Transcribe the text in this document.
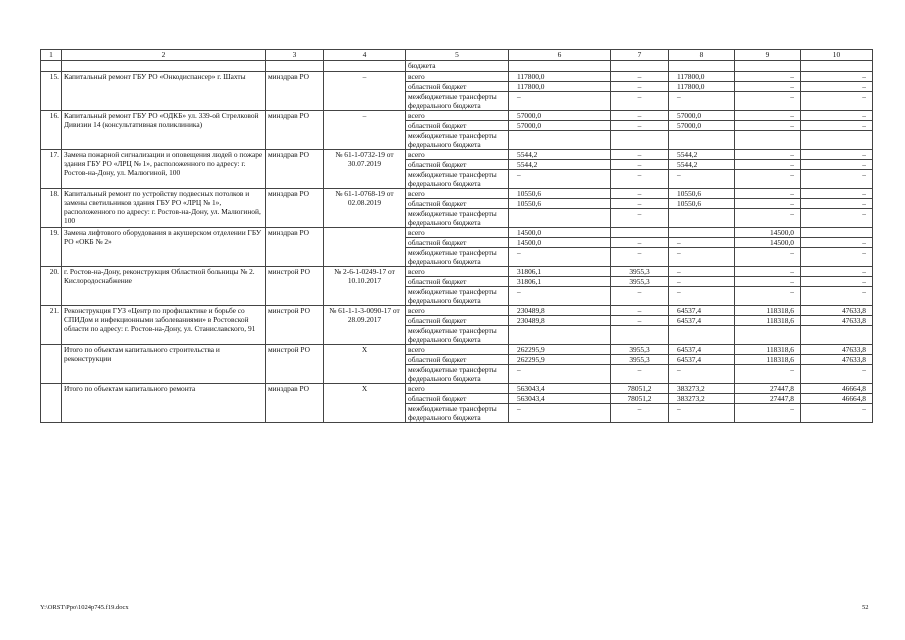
1	2	3	4	5	6	7	8	9	10
				бюджета					
15.	Капитальный ремонт ГБУ РО «Онкодиспансер» г. Шахты	минздрав РО	–	всего	117800,0	–	117800,0	–	–
				областной бюджет	117800,0	–	117800,0	–	–
				межбюджетные трансферты федерального бюджета	–	–	–	–	–
16.	Капитальный ремонт ГБУ РО «ОДКБ» ул. 339-ой Стрелковой Дивизии 14 (консультативная поликлиника)	минздрав РО	–	всего	57000,0	–	57000,0	–	–
				областной бюджет	57000,0	–	57000,0	–	–
				межбюджетные трансферты федерального бюджета					
17.	Замена пожарной сигнализации и оповещения людей о пожаре здания ГБУ РО «ЛРЦ № 1», расположенного по адресу: г. Ростов-на-Дону, ул. Малюгиной, 100	минздрав РО	№ 61-1-0732-19 от 30.07.2019	всего	5544,2	–	5544,2	–	–
				областной бюджет	5544,2	–	5544,2	–	–
				межбюджетные трансферты федерального бюджета	–	–	–	–	–
18.	Капитальный ремонт по устройству подвесных потолков и замены светильников здания ГБУ РО «ЛРЦ № 1», расположенного по адресу: г. Ростов-на-Дону, ул. Малюгиной, 100	минздрав РО	№ 61-1-0768-19 от 02.08.2019	всего	10550,6	–	10550,6	–	–
				областной бюджет	10550,6	–	10550,6	–	–
				межбюджетные трансферты федерального бюджета		–		–	–
19.	Замена лифтового оборудования в акушерском отделении ГБУ РО «ОКБ № 2»	минздрав РО		всего	14500,0			14500,0	
				областной бюджет	14500,0	–	–	14500,0	–
				межбюджетные трансферты федерального бюджета	–	–	–	–	–
20.	г. Ростов-на-Дону, реконструкция Областной больницы № 2. Кислородоснабжение	минстрой РО	№ 2-6-1-0249-17 от 10.10.2017	всего	31806,1	3955,3	–	–	–
				областной бюджет	31806,1	3955,3	–	–	–
				межбюджетные трансферты федерального бюджета	–	–	–	–	–
21.	Реконструкция ГУЗ «Центр по профилактике и борьбе со СПИДом и инфекционными заболеваниями» в Ростовской области по адресу: г. Ростов-на-Дону, ул. Станиславского, 91	минстрой РО	№ 61-1-1-3-0090-17 от 28.09.2017	всего	230489,8	–	64537,4	118318,6	47633,8
				областной бюджет	230489,8	–	64537,4	118318,6	47633,8
				межбюджетные трансферты федерального бюджета					
	Итого по объектам капитального строительства и реконструкции	минстрой РО	Х	всего	262295,9	3955,3	64537,4	118318,6	47633,8
				областной бюджет	262295,9	3955,3	64537,4	118318,6	47633,8
				межбюджетные трансферты федерального бюджета	–	–	–	–	–
	Итого по объектам капитального ремонта	минздрав РО	Х	всего	563043,4	78051,2	383273,2	27447,8	46664,8
				областной бюджет	563043,4	78051,2	383273,2	27447,8	46664,8
				межбюджетные трансферты федерального бюджета	–	–	–	–	–
Y:\ORST\Ppo\1024p745.f19.docx	52
